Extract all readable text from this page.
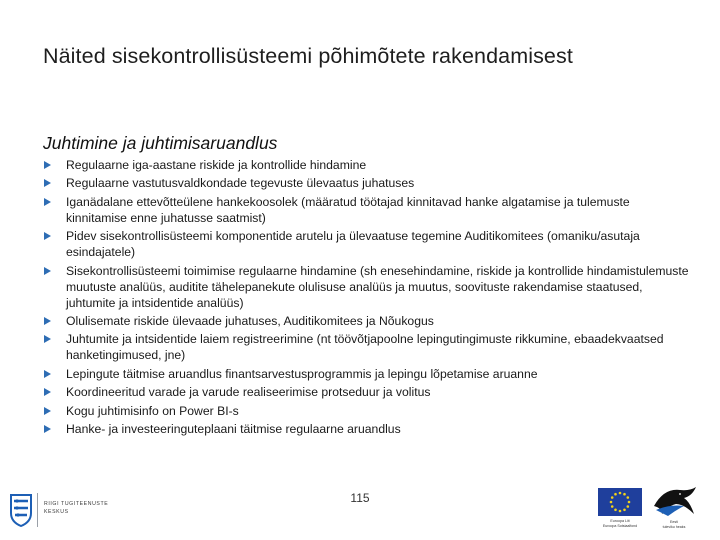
Näited sisekontrollisüsteemi põhimõtete rakendamisest
Juhtimine ja juhtimisaruandlus
Regulaarne iga-aastane riskide ja kontrollide hindamine
Regulaarne vastutusvaldkondade tegevuste ülevaatus juhatuses
Iganädalane ettevõtteülene hankekoosolek (määratud töötajad kinnitavad hanke algatamise ja tulemuste kinnitamise enne juhatusse saatmist)
Pidev sisekontrollisüsteemi komponentide arutelu ja ülevaatuse tegemine Auditikomitees (omaniku/asutaja esindajatele)
Sisekontrollisüsteemi toimimise regulaarne hindamine (sh enesehindamine, riskide ja kontrollide hindamistulemuste muutuste analüüs, auditite tähelepanekute olulisuse analüüs ja muutus, soovituste rakendamise staatused, juhtumite ja intsidentide analüüs)
Olulisemate riskide ülevaade juhatuses, Auditikomitees ja Nõukogus
Juhtumite ja intsidentide laiem registreerimine (nt töövõtjapoolne lepingutingimuste rikkumine, ebaadekvaatsed hanketingimused, jne)
Lepingute täitmise aruandlus finantsarvestusprogrammis ja lepingu lõpetamise aruanne
Koordineeritud varade ja varude realiseerimise protseduur ja volitus
Kogu juhtimisinfo on Power BI-s
Hanke- ja investeeringuteplaani täitmise regulaarne aruandlus
115
RIIGI TUGITEENUSTE
KESKUS
Euroopa Liit
Euroopa Sotsiaalfond
Eesti
tuleviku heaks
